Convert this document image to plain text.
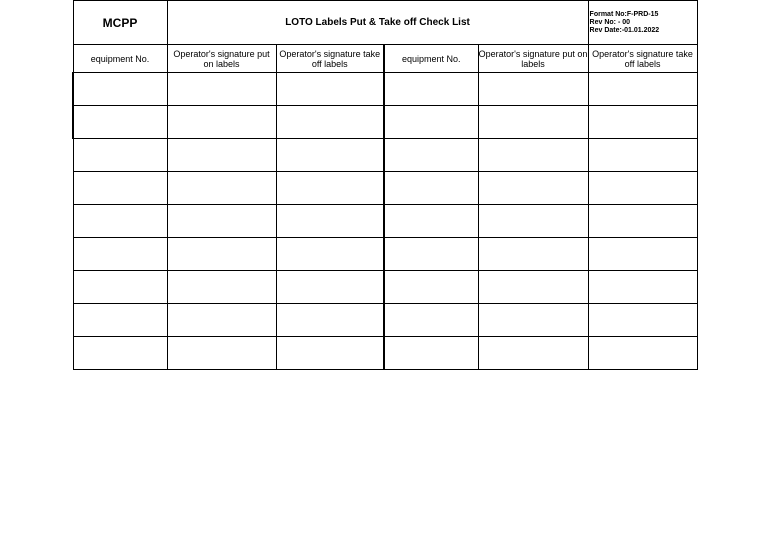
MCPP	LOTO Labels Put & Take off Check List				Format No:F-PRD-15
Rev No: - 00
Rev Date:-01.01.2022

equipment No.	Operator's signature put on labels	Operator's signature take off labels	equipment No.	Operator's signature put on labels	Operator's signature take off labels
